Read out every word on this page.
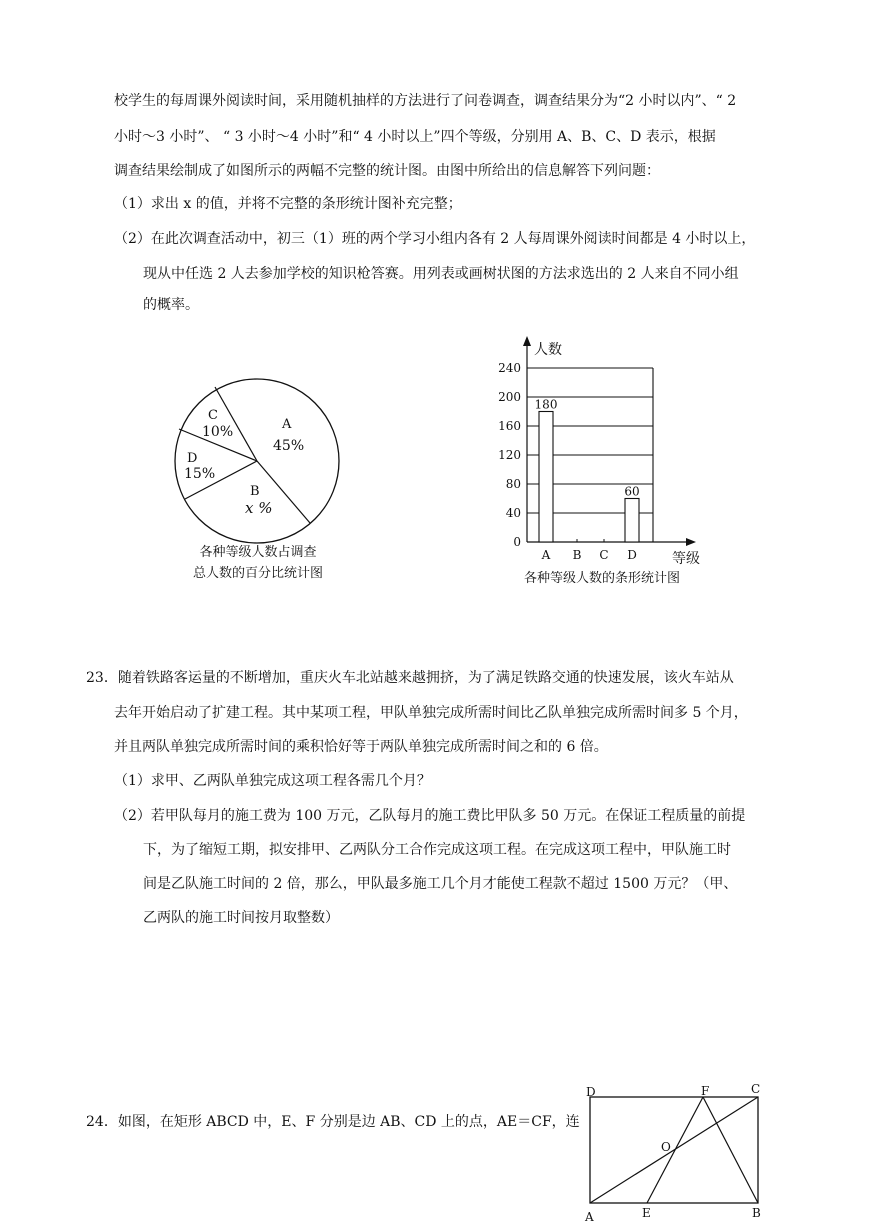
校学生的每周课外阅读时间，采用随机抽样的方法进行了问卷调查，调查结果分为“2 小时以内”、“ 2
小时～3 小时”、 “ 3 小时～4 小时”和“ 4 小时以上”四个等级，分别用 A、B、C、D 表示，根据
调查结果绘制成了如图所示的两幅不完整的统计图。由图中所给出的信息解答下列问题：
（1）求出 x 的值，并将不完整的条形统计图补充完整；
（2）在此次调查活动中，初三（1）班的两个学习小组内各有 2 人每周课外阅读时间都是 4 小时以上，
现从中任选 2 人去参加学校的知识枪答赛。用列表或画树状图的方法求选出的 2 人来自不同小组
的概率。
C
10%	A
45%
D
15%
B
x %
各种等级人数占调查
总人数的百分比统计图
0
40
80
120
160
200
240
A B C D
180
60
人数
等级
各种等级人数的条形统计图
23．随着铁路客运量的不断增加，重庆火车北站越来越拥挤，为了满足铁路交通的快速发展，该火车站从
去年开始启动了扩建工程。其中某项工程，甲队单独完成所需时间比乙队单独完成所需时间多 5 个月，
并且两队单独完成所需时间的乘积恰好等于两队单独完成所需时间之和的 6 倍。
（1）求甲、乙两队单独完成这项工程各需几个月？
（2）若甲队每月的施工费为 100 万元，乙队每月的施工费比甲队多 50 万元。在保证工程质量的前提
下，为了缩短工期，拟安排甲、乙两队分工合作完成这项工程。在完成这项工程中，甲队施工时
间是乙队施工时间的 2 倍，那么，甲队最多施工几个月才能使工程款不超过 1500 万元？（甲、
乙两队的施工时间按月取整数）
24．如图，在矩形 ABCD 中，E、F 分别是边 AB、CD 上的点，AE＝CF，连
D	F	C
O
A	E	B
